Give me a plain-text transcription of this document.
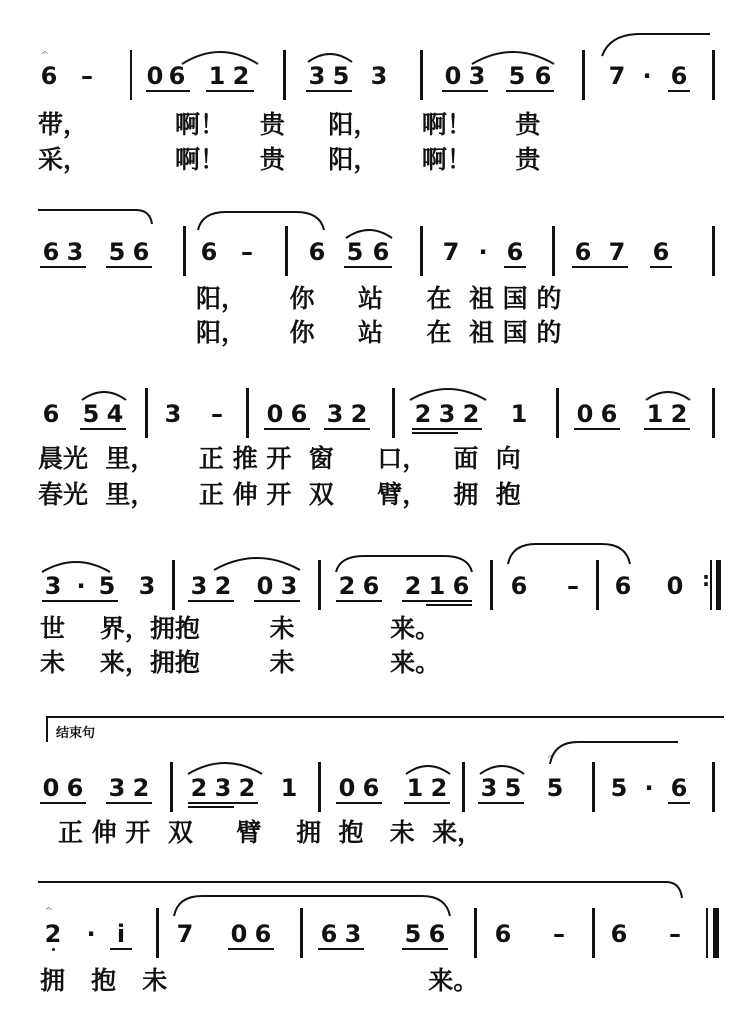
𝄐
6 – 0 6 1 2 3 5 3 0 3 5 6 7 · 6
带，          啊！    贵     阳，     啊！     贵
采，          啊！    贵     阳，     啊！     贵
6 3 5 6 6 – 6 5 6 7 · 6 6 7 6
阳，     你     站     在  祖 国 的
阳，     你     站     在  祖 国 的
6 5 4 3 – 0 6 3 2 2 3 2 1 0 6 1 2
晨光  里，     正 推 开  窗     口，   面  向
春光  里，     正 伸 开  双     臂，   拥  抱
3 · 5 3 3 2 0 3 2 6 2 1 6 6 – 6 0 :
世    界，拥抱        未           来。
未    来，拥抱        未           来。
结束句
0 6 3 2 2 3 2 1 0 6 1 2 3 5
𝄐
5 5 · 6
正 伸 开  双     臂    拥  抱   未  来，
𝄐
2 · i 7 0 6 6 3 5 6 6 – 6 –
拥   抱   未                              来。
